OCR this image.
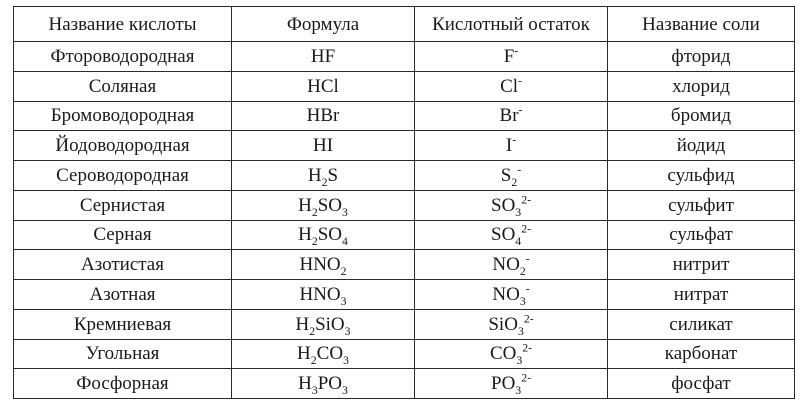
Название кислоты	Формула	Кислотный остаток	Название соли
Фтороводородная	HF	F-	фторид
Соляная	HCl	Cl-	хлорид
Бромоводородная	HBr	Br-	бромид
Йодоводородная	HI	I-	йодид
Сероводородная	$H_2S$	$S_2^-$	сульфид
Сернистая	$H_2SO_3$	$SO_3^{2-}$	сульфит
Серная	$H_2SO_4$	$SO_4^{2-}$	сульфат
Азотистая	$HNO_2$	$NO_2^-$	нитрит
Азотная	$HNO_3$	$NO_3^-$	нитрат
Кремниевая	$H_2SiO_3$	SiO$_3^{2-}$	силикат
Угольная	$H_2CO_3$	$CO_3^{2-}$	карбонат
Фосфорная	$H_3PO_3$	$PO_3^{2-}$	фосфат
